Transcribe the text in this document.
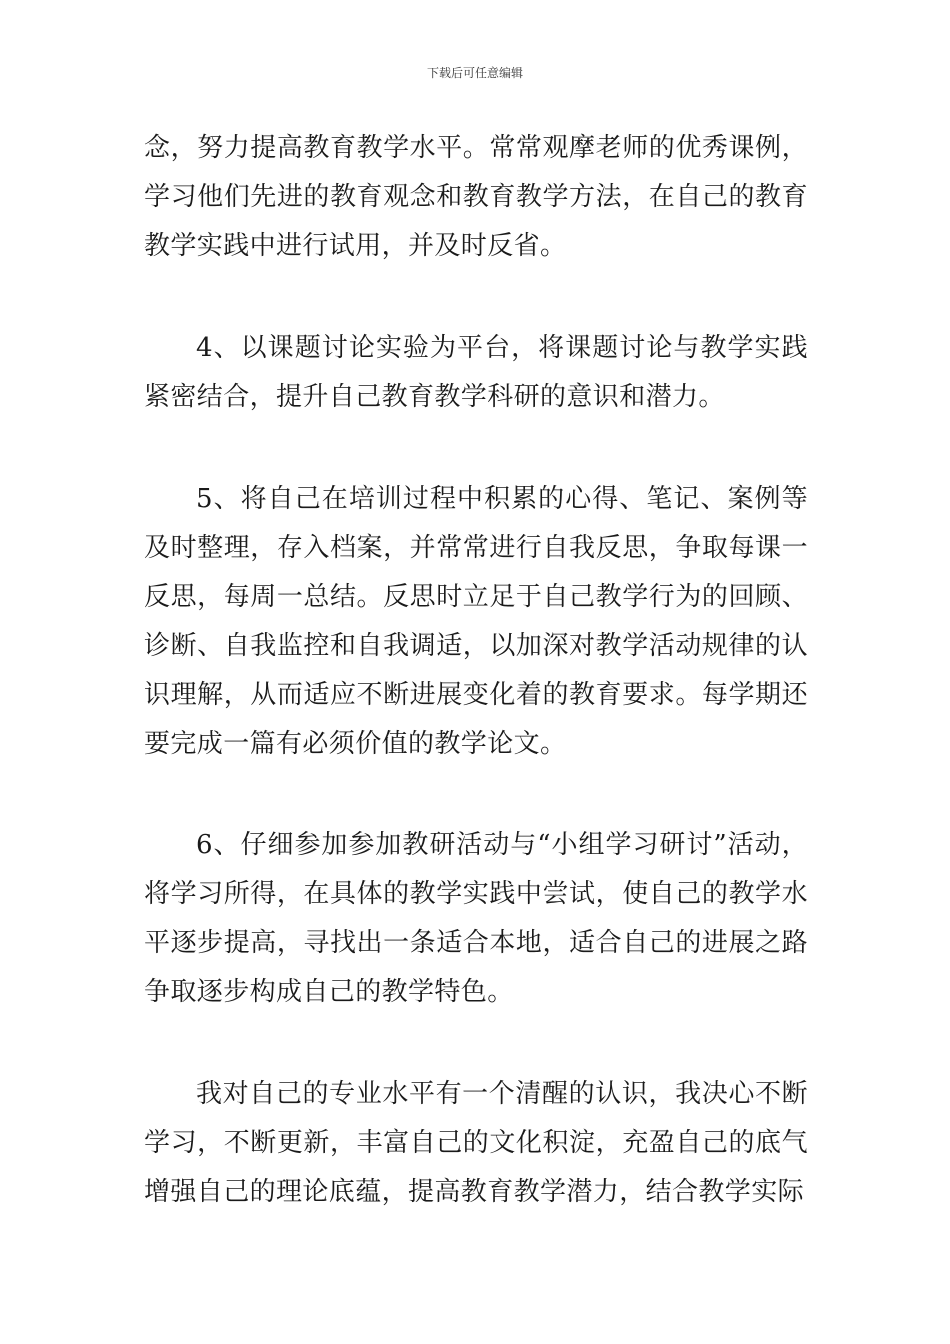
下载后可任意编辑

念，努力提高教育教学水平。常常观摩老师的优秀课例，学习他们先进的教育观念和教育教学方法，在自己的教育教学实践中进行试用，并及时反省。

4、以课题讨论实验为平台，将课题讨论与教学实践紧密结合，提升自己教育教学科研的意识和潜力。

5、将自己在培训过程中积累的心得、笔记、案例等及时整理，存入档案，并常常进行自我反思，争取每课一反思，每周一总结。反思时立足于自己教学行为的回顾、诊断、自我监控和自我调适，以加深对教学活动规律的认识理解，从而适应不断进展变化着的教育要求。每学期还要完成一篇有必须价值的教学论文。

6、仔细参加参加教研活动与“小组学习研讨”活动，将学习所得，在具体的教学实践中尝试，使自己的教学水平逐步提高，寻找出一条适合本地，适合自己的进展之路争取逐步构成自己的教学特色。

我对自己的专业水平有一个清醒的认识，我决心不断学习，不断更新，丰富自己的文化积淀，充盈自己的底气增强自己的理论底蕴，提高教育教学潜力，结合教学实际
